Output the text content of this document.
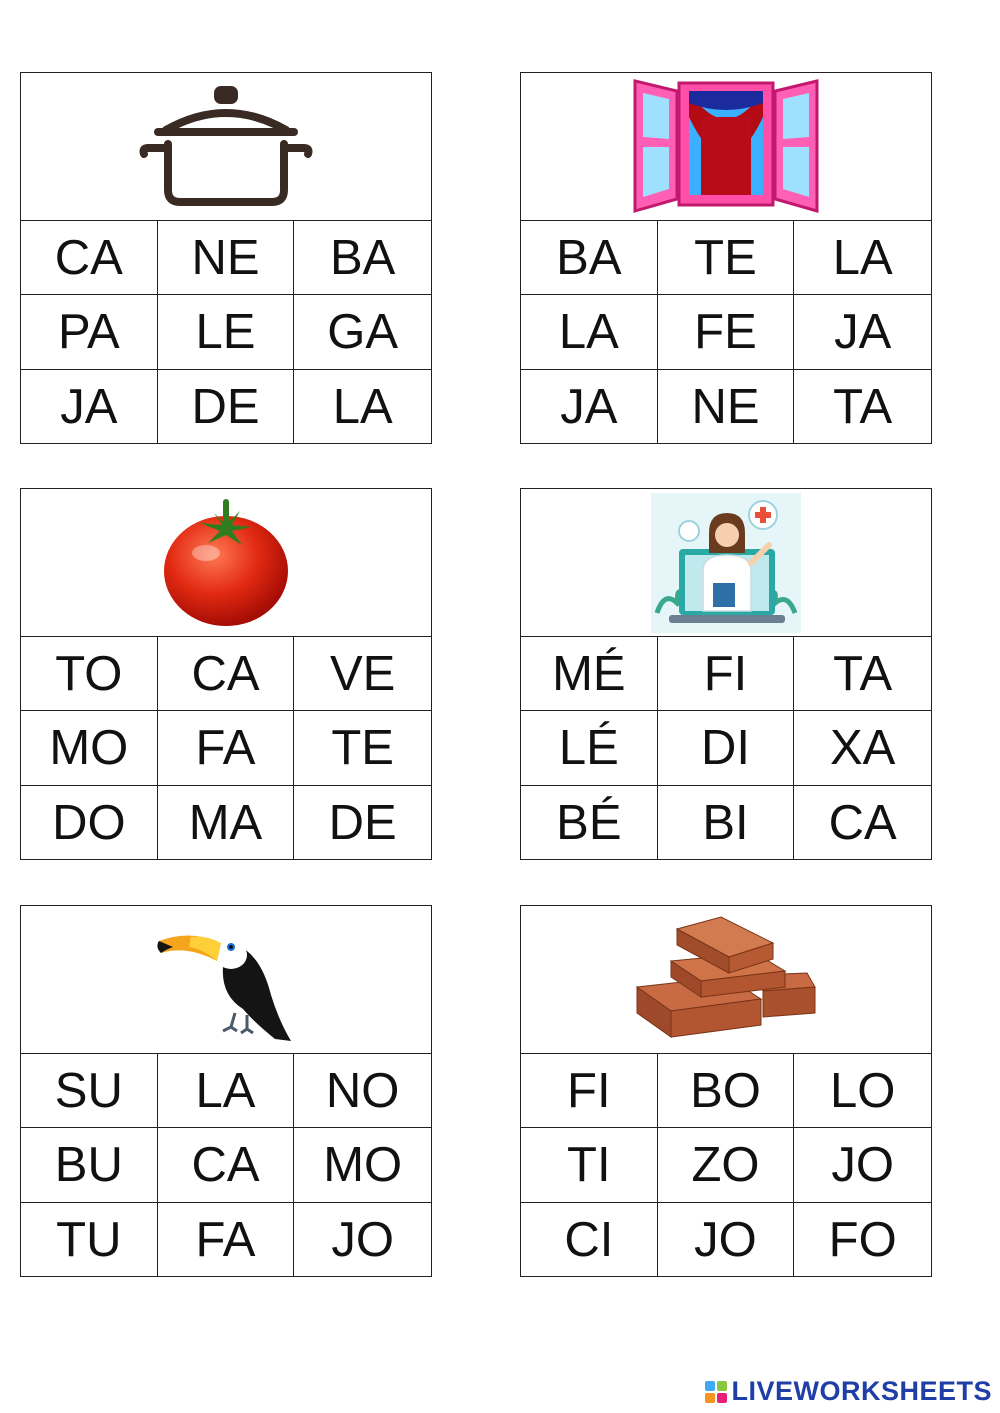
CA	NE	BA
PA	LE	GA
JA	DE	LA
BA	TE	LA
LA	FE	JA
JA	NE	TA
TO	CA	VE
MO	FA	TE
DO	MA	DE
MÉ	FI	TA
LÉ	DI	XA
BÉ	BI	CA
SU	LA	NO
BU	CA	MO
TU	FA	JO
FI	BO	LO
TI	ZO	JO
CI	JO	FO
LIVEWORKSHEETS
